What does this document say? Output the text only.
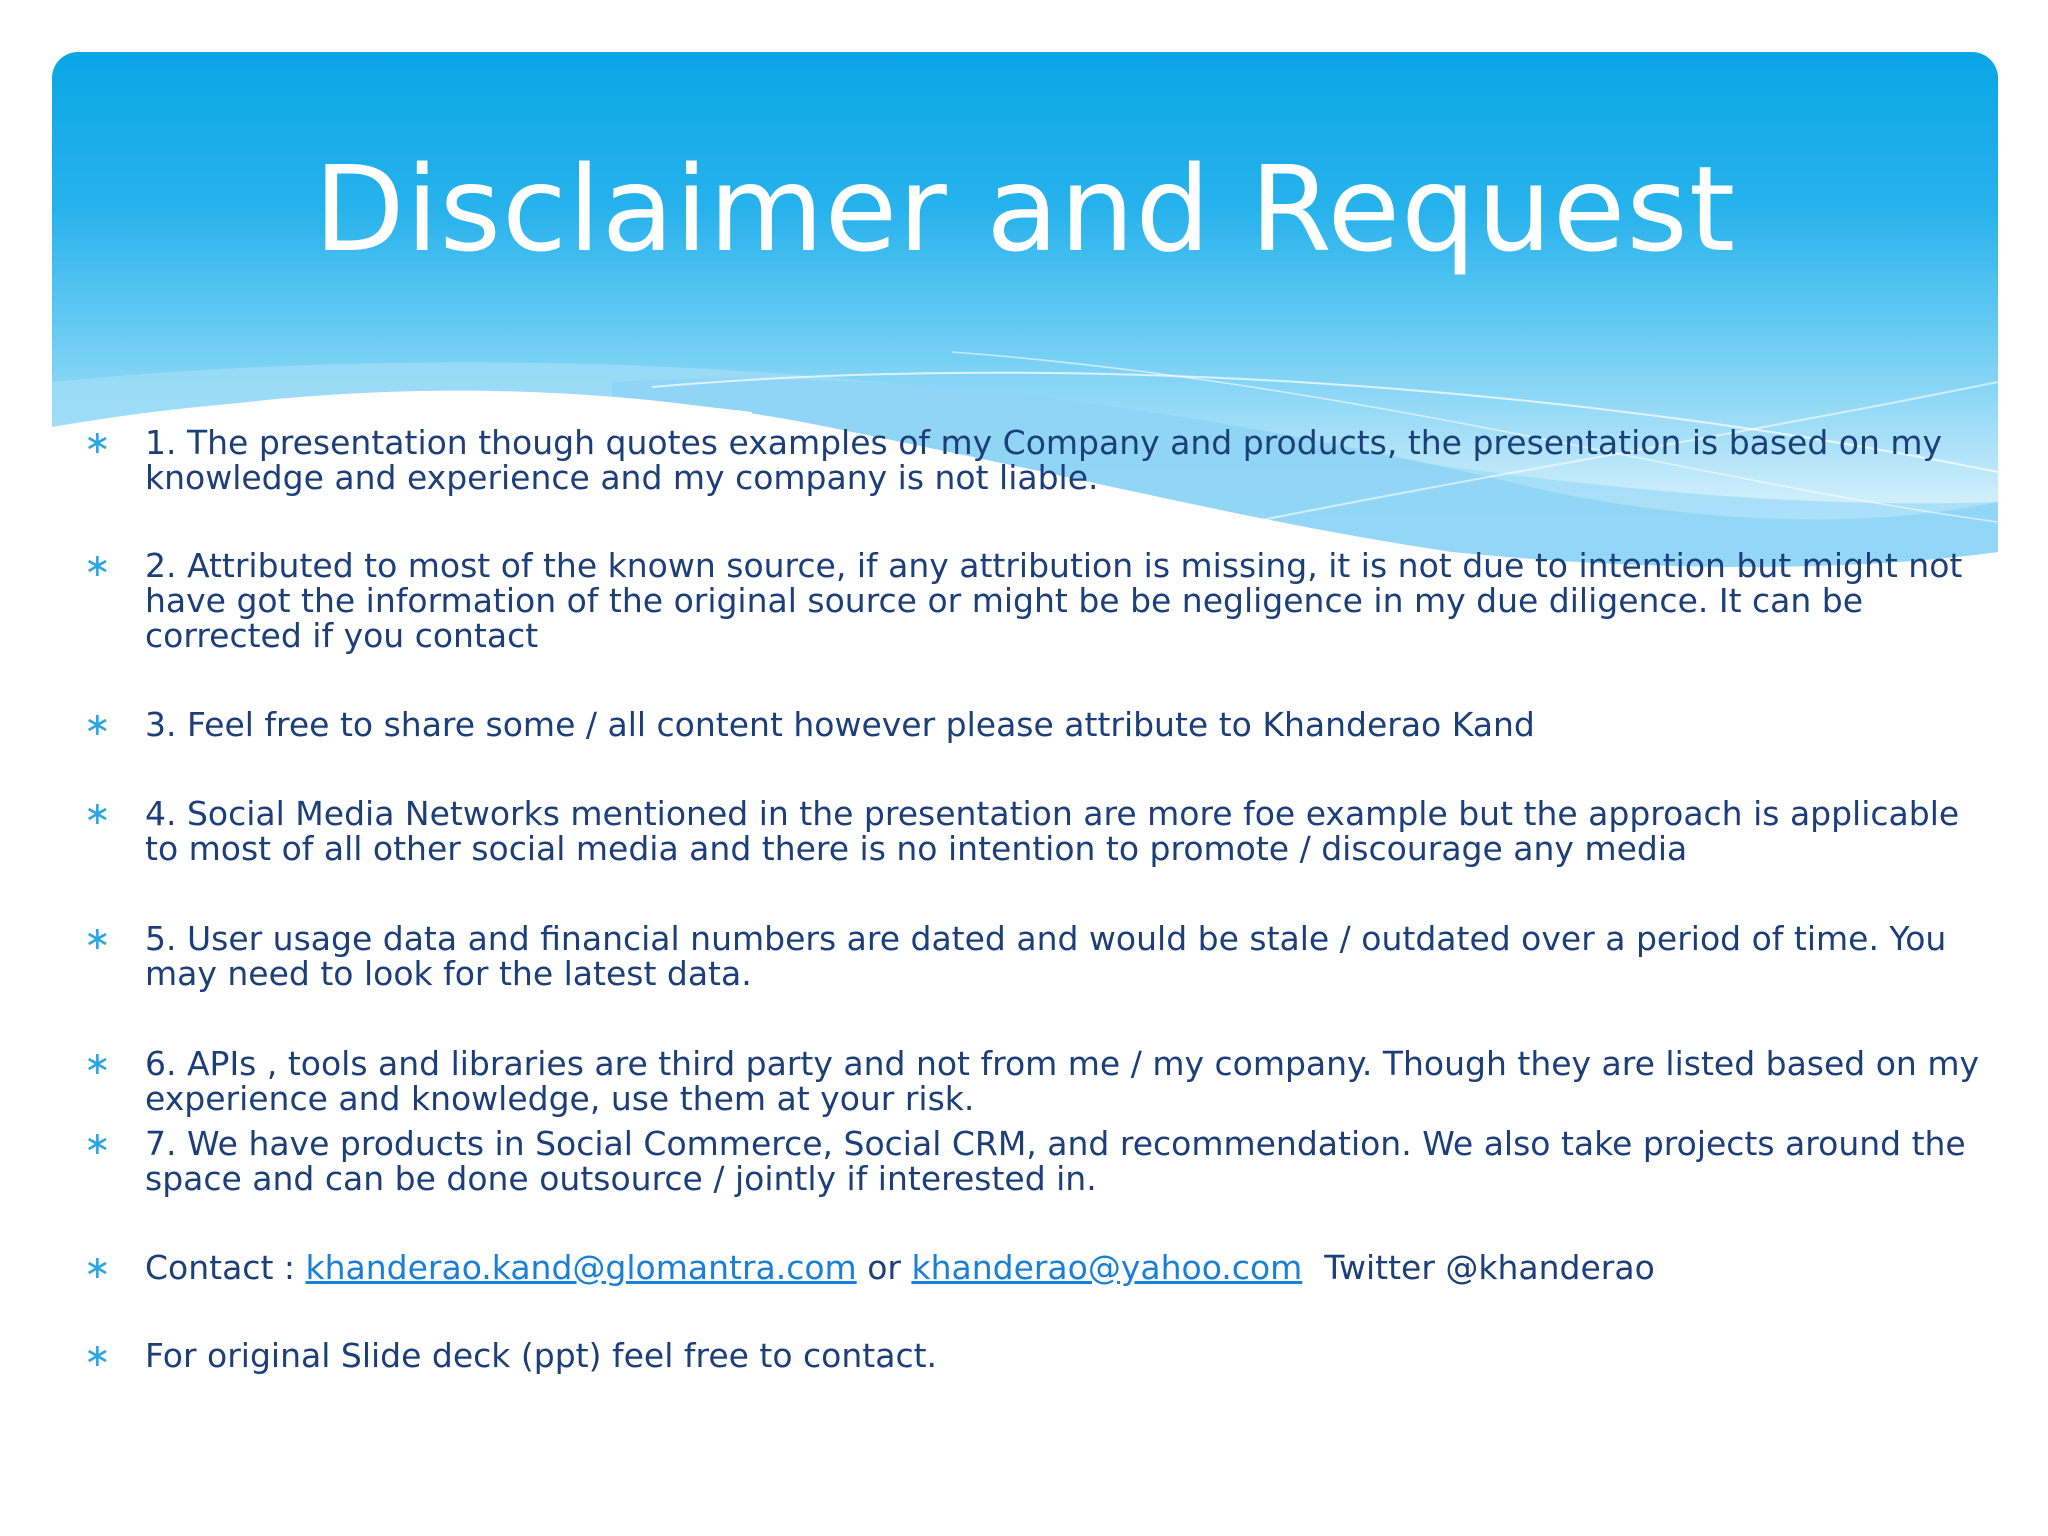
Disclaimer and Request
∗	1. The presentation though quotes examples of my Company and products, the presentation is based on my knowledge and experience and my company is not liable.
∗	2. Attributed to most of the known source, if any attribution is missing, it is not due to intention but might not have got the information of the original source or might be be negligence in my due diligence. It can be corrected if you contact
∗	3. Feel free to share some / all content however please attribute to Khanderao Kand
∗	4. Social Media Networks mentioned in the presentation are more foe example but the approach is applicable to most of all other social media and there is no intention to promote / discourage any media
∗	5. User usage data and financial numbers are dated and would be stale / outdated over a period of time. You may need to look for the latest data.
∗	6. APIs , tools and libraries are third party and not from me / my company. Though they are listed based on my experience and knowledge, use them at your risk.
∗	7. We have products in Social Commerce, Social CRM, and recommendation. We also take projects around the space and can be done outsource / jointly if interested in.
∗	Contact : khanderao.kand@glomantra.com or khanderao@yahoo.com Twitter @khanderao
∗	For original Slide deck (ppt) feel free to contact.
